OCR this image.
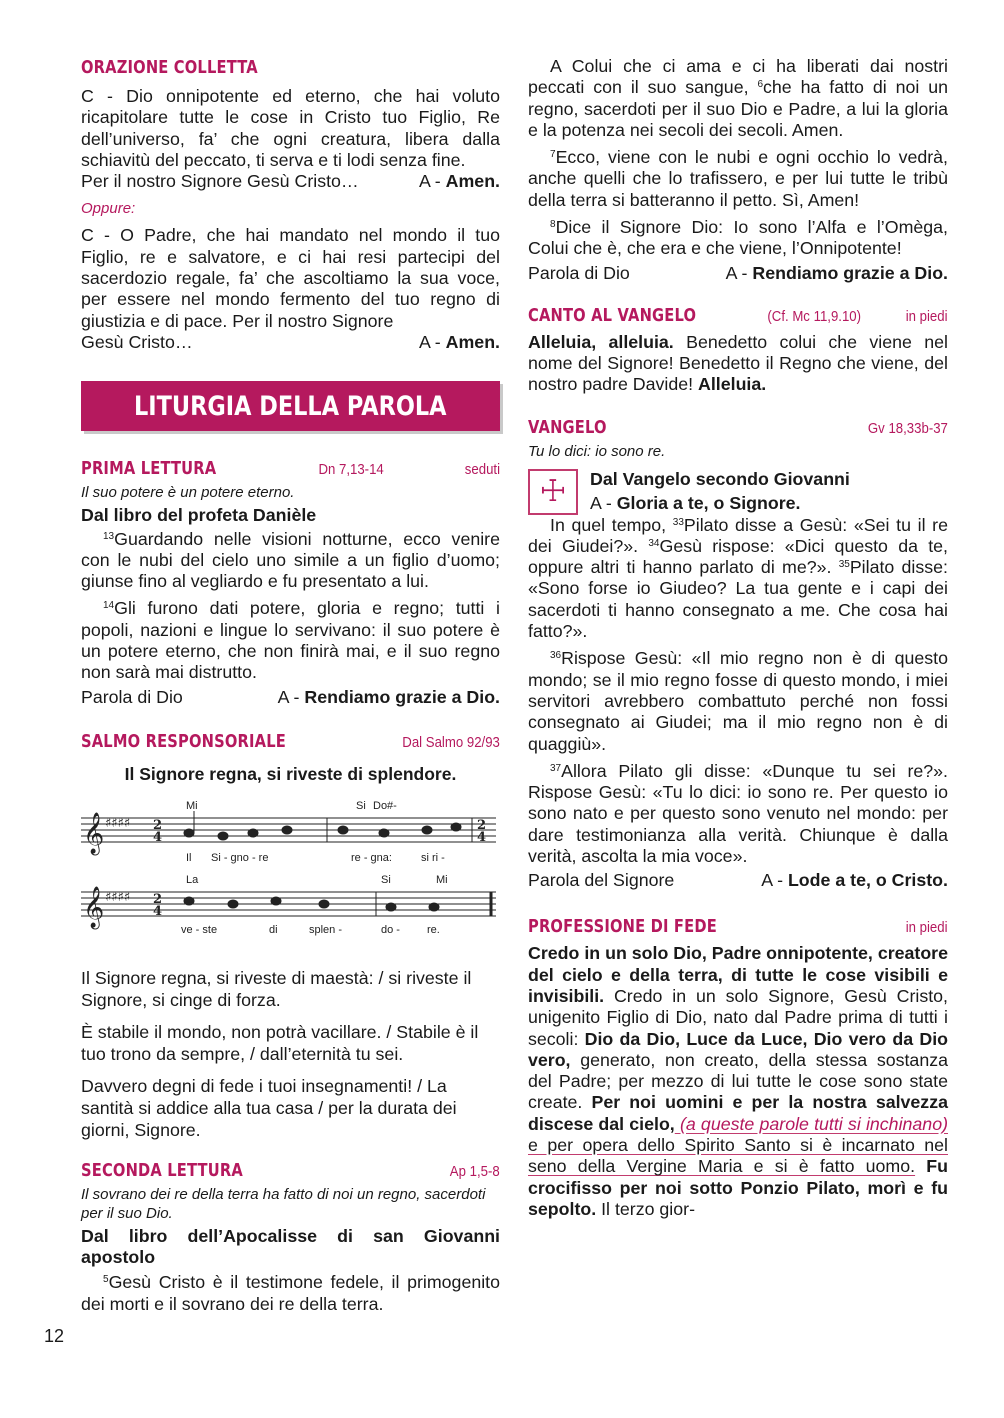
ORAZIONE COLLETTA

C - Dio onnipotente ed eterno, che hai voluto ricapitolare tutte le cose in Cristo tuo Figlio, Re dell’universo, fa’ che ogni creatura, libera dalla schiavitù del peccato, ti serva e ti lodi senza fine.
Per il nostro Signore Gesù Cristo…	A - Amen.

Oppure:

C - O Padre, che hai mandato nel mondo il tuo Figlio, re e salvatore, e ci hai resi partecipi del sacerdozio regale, fa’ che ascoltiamo la sua voce, per essere nel mondo fermento del tuo regno di giustizia e di pace. Per il nostro Signore
Gesù Cristo…	A - Amen.

LITURGIA DELLA PAROLA
PRIMA LETTURA	Dn 7,13-14	seduti
Il suo potere è un potere eterno.

Dal libro del profeta Danièle

$^{13}$Guardando nelle visioni notturne, ecco venire con le nubi del cielo uno simile a un figlio d’uomo; giunse fino al vegliardo e fu presentato a lui.

$^{14}$Gli furono dati potere, gloria e regno; tutti i popoli, nazioni e lingue lo servivano: il suo potere è un potere eterno, che non finirà mai, e il suo regno non sarà mai distrutto.

Parola di Dio	A - Rendiamo grazie a Dio.
SALMO RESPONSORIALE	Dal Salmo 92/93
Il Signore regna, si riveste di splendore.
𝄞
𝄞
♯♯♯♯
♯♯♯♯
2
4
2
4
2
4
Mi	Si Do#-
La	Si	Mi
Il Si - gno - re	re - gna:	si ri -
ve - ste	di	splen -	do - re.

Il Signore regna, si riveste di maestà: / si riveste il Signore, si cinge di forza.

È stabile il mondo, non potrà vacillare. / Stabile è il tuo trono da sempre, / dall’eternità tu sei.

Davvero degni di fede i tuoi insegnamenti! / La santità si addice alla tua casa / per la durata dei giorni, Signore.

SECONDA LETTURA	Ap 1,5-8
Il sovrano dei re della terra ha fatto di noi un regno, sacerdoti per il suo Dio.

Dal libro dell’Apocalisse di san Giovanni apostolo

$^5$Gesù Cristo è il testimone fedele, il primogenito dei morti e il sovrano dei re della terra.

A Colui che ci ama e ci ha liberati dai nostri peccati con il suo sangue, $^6$che ha fatto di noi un regno, sacerdoti per il suo Dio e Padre, a lui la gloria e la potenza nei secoli dei secoli. Amen.

$^7$Ecco, viene con le nubi e ogni occhio lo vedrà, anche quelli che lo trafissero, e per lui tutte le tribù della terra si batteranno il petto. Sì, Amen!

$^8$Dice il Signore Dio: Io sono l’Alfa e l’Omèga, Colui che è, che era e che viene, l’Onnipotente!

Parola di Dio	A - Rendiamo grazie a Dio.
CANTO AL VANGELO	(Cf. Mc 11,9.10)	in piedi

Alleluia, alleluia. Benedetto colui che viene nel nome del Signore! Benedetto il Regno che viene, del nostro padre Davide! Alleluia.

VANGELO	Gv 18,33b-37
Tu lo dici: io sono re.
☩	Dal Vangelo secondo Giovanni
A - Gloria a te, o Signore.

In quel tempo, $^{33}$Pilato disse a Gesù: «Sei tu il re dei Giudei?». $^{34}$Gesù rispose: «Dici questo da te, oppure altri ti hanno parlato di me?». $^{35}$Pilato disse: «Sono forse io Giudeo? La tua gente e i capi dei sacerdoti ti hanno consegnato a me. Che cosa hai fatto?».

$^{36}$Rispose Gesù: «Il mio regno non è di questo mondo; se il mio regno fosse di questo mondo, i miei servitori avrebbero combattuto perché non fossi consegnato ai Giudei; ma il mio regno non è di quaggiù».

$^{37}$Allora Pilato gli disse: «Dunque tu sei re?». Rispose Gesù: «Tu lo dici: io sono re. Per questo io sono nato e per questo sono venuto nel mondo: per dare testimonianza alla verità. Chiunque è dalla verità, ascolta la mia voce».

Parola del Signore	A - Lode a te, o Cristo.
PROFESSIONE DI FEDE	in piedi

Credo in un solo Dio, Padre onnipotente, creatore del cielo e della terra, di tutte le cose visibili e invisibili. Credo in un solo Signore, Gesù Cristo, unigenito Figlio di Dio, nato dal Padre prima di tutti i secoli: Dio da Dio, Luce da Luce, Dio vero da Dio vero, generato, non creato, della stessa sostanza del Padre; per mezzo di lui tutte le cose sono state create. Per noi uomini e per la nostra salvezza discese dal cielo, (a queste parole tutti si inchinano) e per opera dello Spirito Santo si è incarnato nel seno della Vergine Maria e si è fatto uomo. Fu crocifisso per noi sotto Ponzio Pilato, morì e fu sepolto. Il terzo gior-

12
